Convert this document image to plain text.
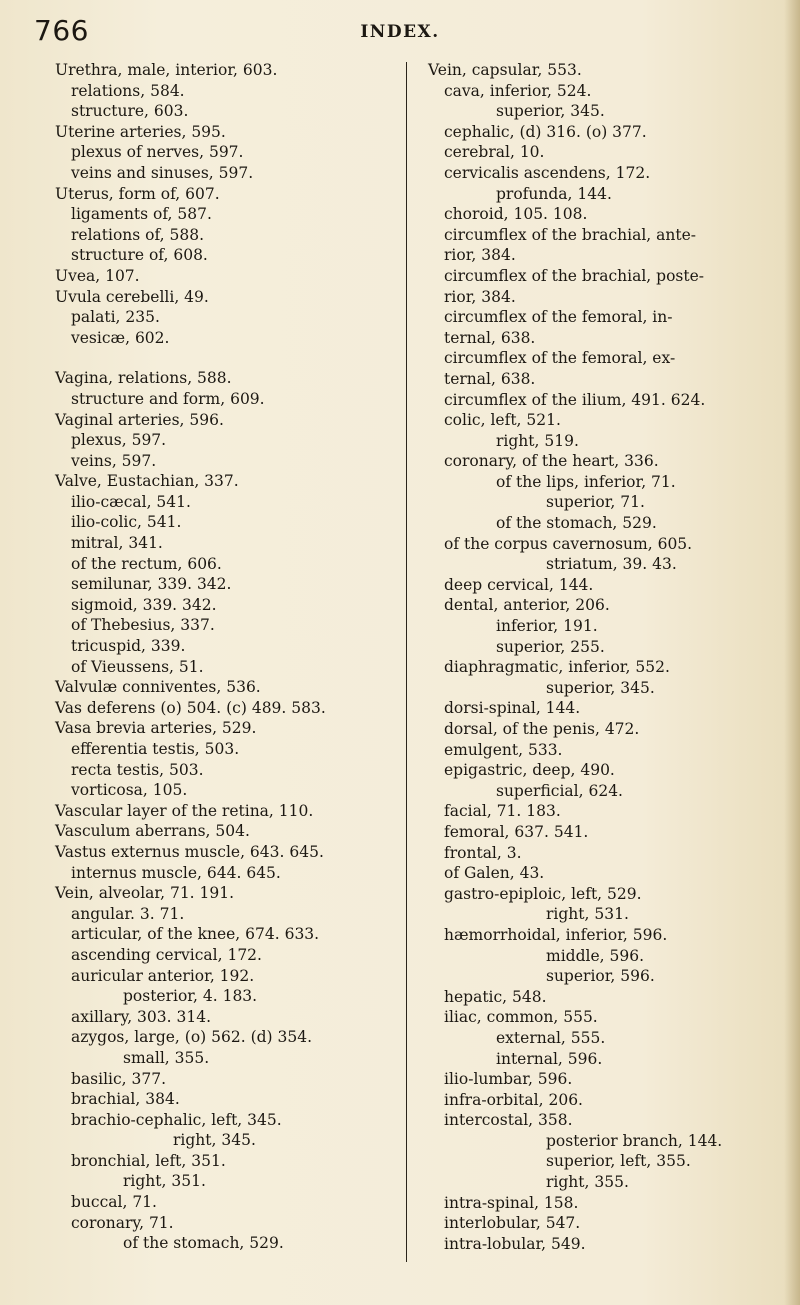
766	INDEX.
Urethra, male, interior, 603.
relations, 584.
structure, 603.
Uterine arteries, 595.
plexus of nerves, 597.
veins and sinuses, 597.
Uterus, form of, 607.
ligaments of, 587.
relations of, 588.
structure of, 608.
Uvea, 107.
Uvula cerebelli, 49.
palati, 235.
vesicæ, 602.
Vagina, relations, 588.
structure and form, 609.
Vaginal arteries, 596.
plexus, 597.
veins, 597.
Valve, Eustachian, 337.
ilio-cæcal, 541.
ilio-colic, 541.
mitral, 341.
of the rectum, 606.
semilunar, 339. 342.
sigmoid, 339. 342.
of Thebesius, 337.
tricuspid, 339.
of Vieussens, 51.
Valvulæ conniventes, 536.
Vas deferens (o) 504. (c) 489. 583.
Vasa brevia arteries, 529.
efferentia testis, 503.
recta testis, 503.
vorticosa, 105.
Vascular layer of the retina, 110.
Vasculum aberrans, 504.
Vastus externus muscle, 643. 645.
internus muscle, 644. 645.
Vein, alveolar, 71. 191.
angular. 3. 71.
articular, of the knee, 674. 633.
ascending cervical, 172.
auricular anterior, 192.
posterior, 4. 183.
axillary, 303. 314.
azygos, large, (o) 562. (d) 354.
small, 355.
basilic, 377.
brachial, 384.
brachio-cephalic, left, 345.
right, 345.
bronchial, left, 351.
right, 351.
buccal, 71.
coronary, 71.
of the stomach, 529.
Vein, capsular, 553.
cava, inferior, 524.
superior, 345.
cephalic, (d) 316. (o) 377.
cerebral, 10.
cervicalis ascendens, 172.
profunda, 144.
choroid, 105. 108.
circumflex of the brachial, ante-
rior, 384.
circumflex of the brachial, poste-
rior, 384.
circumflex of the femoral, in-
ternal, 638.
circumflex of the femoral, ex-
ternal, 638.
circumflex of the ilium, 491. 624.
colic, left, 521.
right, 519.
coronary, of the heart, 336.
of the lips, inferior, 71.
superior, 71.
of the stomach, 529.
of the corpus cavernosum, 605.
striatum, 39. 43.
deep cervical, 144.
dental, anterior, 206.
inferior, 191.
superior, 255.
diaphragmatic, inferior, 552.
superior, 345.
dorsi-spinal, 144.
dorsal, of the penis, 472.
emulgent, 533.
epigastric, deep, 490.
superficial, 624.
facial, 71. 183.
femoral, 637. 541.
frontal, 3.
of Galen, 43.
gastro-epiploic, left, 529.
right, 531.
hæmorrhoidal, inferior, 596.
middle, 596.
superior, 596.
hepatic, 548.
iliac, common, 555.
external, 555.
internal, 596.
ilio-lumbar, 596.
infra-orbital, 206.
intercostal, 358.
posterior branch, 144.
superior, left, 355.
right, 355.
intra-spinal, 158.
interlobular, 547.
intra-lobular, 549.
